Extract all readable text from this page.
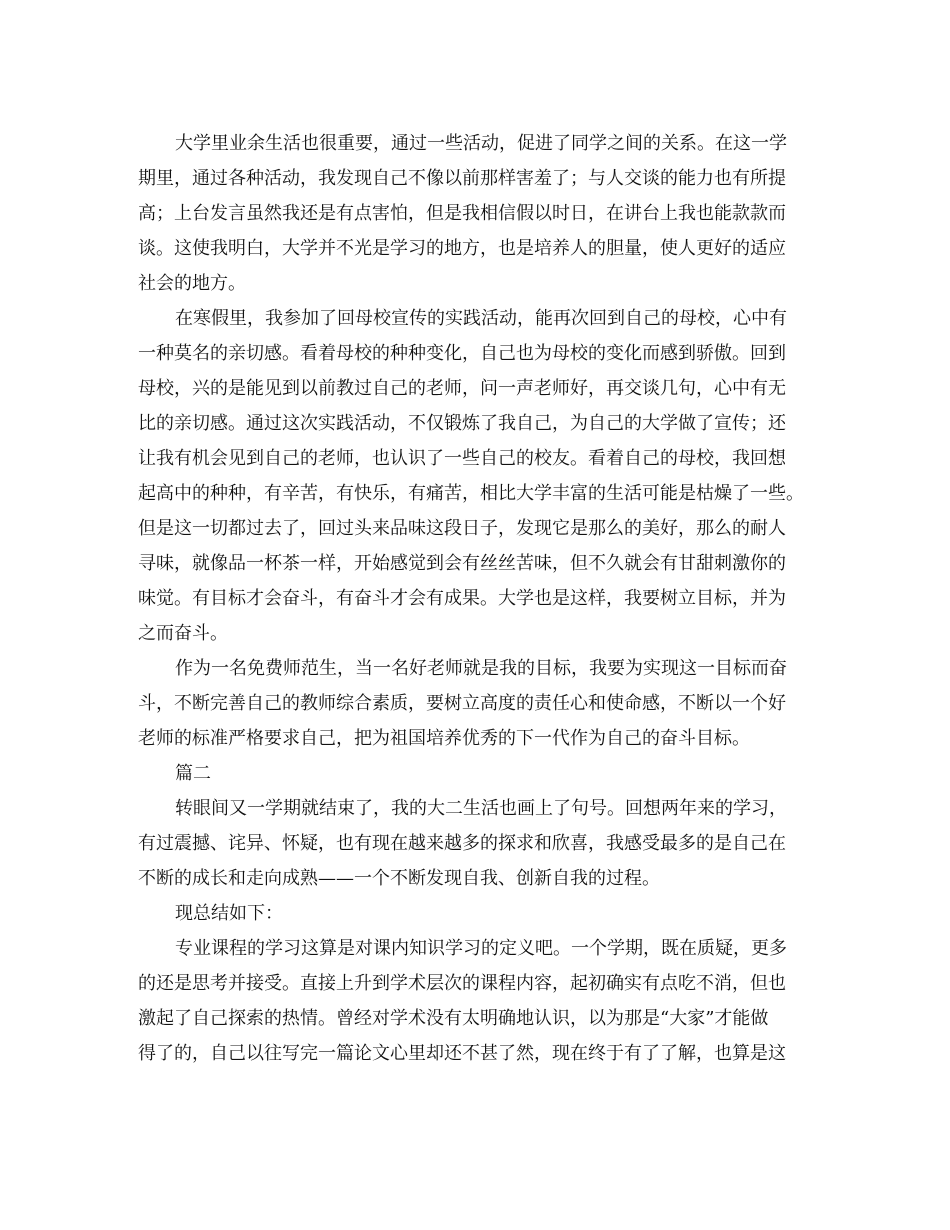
大学里业余生活也很重要，通过一些活动，促进了同学之间的关系。在这一学
期里，通过各种活动，我发现自己不像以前那样害羞了；与人交谈的能力也有所提
高；上台发言虽然我还是有点害怕，但是我相信假以时日，在讲台上我也能款款而
谈。这使我明白，大学并不光是学习的地方，也是培养人的胆量，使人更好的适应
社会的地方。
在寒假里，我参加了回母校宣传的实践活动，能再次回到自己的母校，心中有
一种莫名的亲切感。看着母校的种种变化，自己也为母校的变化而感到骄傲。回到
母校，兴的是能见到以前教过自己的老师，问一声老师好，再交谈几句，心中有无
比的亲切感。通过这次实践活动，不仅锻炼了我自己，为自己的大学做了宣传；还
让我有机会见到自己的老师，也认识了一些自己的校友。看着自己的母校，我回想
起高中的种种，有辛苦，有快乐，有痛苦，相比大学丰富的生活可能是枯燥了一些。
但是这一切都过去了，回过头来品味这段日子，发现它是那么的美好，那么的耐人
寻味，就像品一杯茶一样，开始感觉到会有丝丝苦味，但不久就会有甘甜刺激你的
味觉。有目标才会奋斗，有奋斗才会有成果。大学也是这样，我要树立目标，并为
之而奋斗。
作为一名免费师范生，当一名好老师就是我的目标，我要为实现这一目标而奋
斗，不断完善自己的教师综合素质，要树立高度的责任心和使命感，不断以一个好
老师的标准严格要求自己，把为祖国培养优秀的下一代作为自己的奋斗目标。
篇二
转眼间又一学期就结束了，我的大二生活也画上了句号。回想两年来的学习，
有过震撼、诧异、怀疑，也有现在越来越多的探求和欣喜，我感受最多的是自己在
不断的成长和走向成熟——一个不断发现自我、创新自我的过程。
现总结如下：
专业课程的学习这算是对课内知识学习的定义吧。一个学期，既在质疑，更多
的还是思考并接受。直接上升到学术层次的课程内容，起初确实有点吃不消，但也
激起了自己探索的热情。曾经对学术没有太明确地认识，以为那是“大家”才能做
得了的，自己以往写完一篇论文心里却还不甚了然，现在终于有了了解，也算是这
